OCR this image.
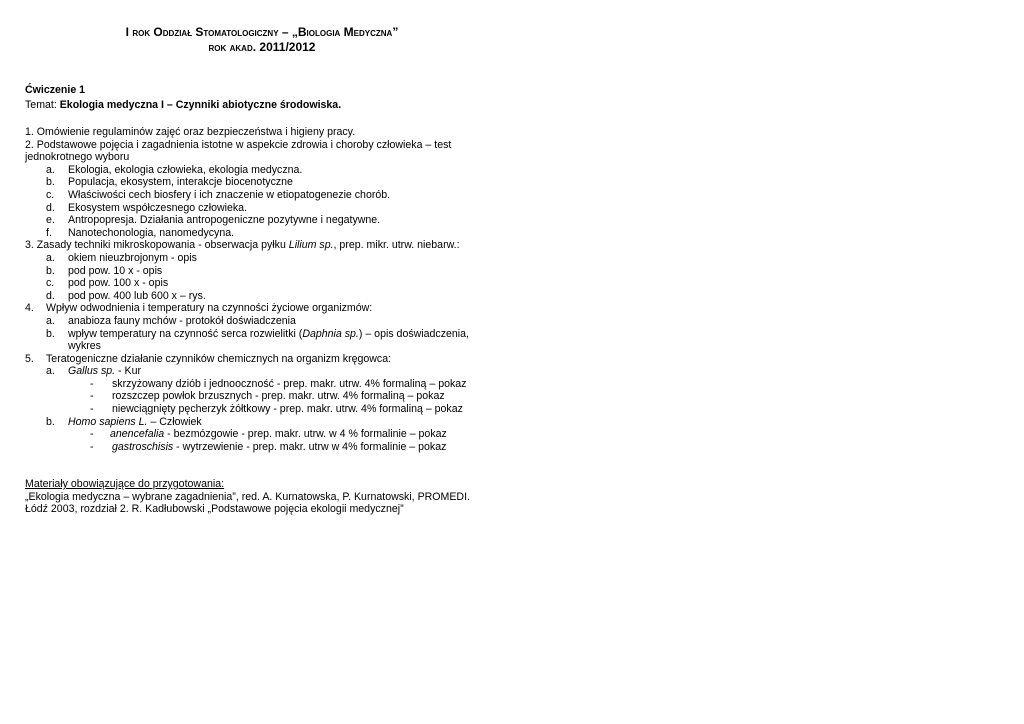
I rok Oddział Stomatologiczny – „Biologia Medyczna”
rok akad. 2011/2012
Ćwiczenie 1
Temat: Ekologia medyczna I – Czynniki abiotyczne środowiska.
1. Omówienie regulaminów zajęć oraz bezpieczeństwa i higieny pracy.
2. Podstawowe pojęcia i zagadnienia istotne w aspekcie zdrowia i choroby człowieka – test
jednokrotnego wyboru
a. Ekologia, ekologia człowieka, ekologia medyczna.
b. Populacja, ekosystem, interakcje biocenotyczne
c. Właściwości cech biosfery i ich znaczenie w etiopatogenezie chorób.
d. Ekosystem współczesnego człowieka.
e. Antropopresja. Działania antropogeniczne pozytywne i negatywne.
f. Nanotechonologia, nanomedycyna.
3. Zasady techniki mikroskopowania - obserwacja pyłku Lilium sp., prep. mikr. utrw. niebarw.:
a. okiem nieuzbrojonym - opis
b. pod pow. 10 x - opis
c. pod pow. 100 x - opis
d. pod pow. 400 lub 600 x – rys.
4. Wpływ odwodnienia i temperatury na czynności życiowe organizmów:
a. anabioza fauny mchów - protokół doświadczenia
b. wpływ temperatury na czynność serca rozwielitki (Daphnia sp.) – opis doświadczenia,
wykres
5. Teratogeniczne działanie czynników chemicznych na organizm kręgowca:
a. Gallus sp. - Kur
- skrzyżowany dziób i jednooczność - prep. makr. utrw. 4% formaliną – pokaz
- rozszczep powłok brzusznych - prep. makr. utrw. 4% formaliną – pokaz
- niewciągnięty pęcherzyk żółtkowy - prep. makr. utrw. 4% formaliną – pokaz
b. Homo sapiens L. – Człowiek
- anencefalia - bezmózgowie - prep. makr. utrw. w 4 % formalinie – pokaz
- gastroschisis - wytrzewienie - prep. makr. utrw w 4% formalinie – pokaz
Materiały obowiązujące do przygotowania:
„Ekologia medyczna – wybrane zagadnienia”, red. A. Kurnatowska, P. Kurnatowski, PROMEDI.
Łódź 2003, rozdział 2. R. Kadłubowski „Podstawowe pojęcia ekologii medycznej”
